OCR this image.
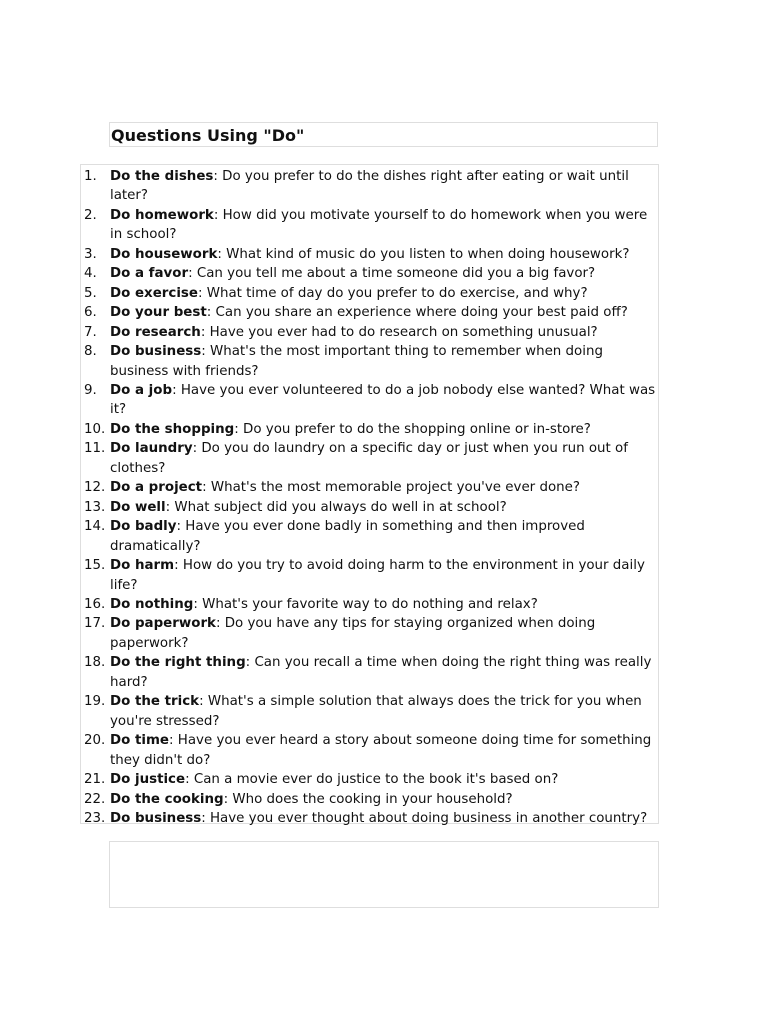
Questions Using "Do"
1. Do the dishes: Do you prefer to do the dishes right after eating or wait until later?
2. Do homework: How did you motivate yourself to do homework when you were in school?
3. Do housework: What kind of music do you listen to when doing housework?
4. Do a favor: Can you tell me about a time someone did you a big favor?
5. Do exercise: What time of day do you prefer to do exercise, and why?
6. Do your best: Can you share an experience where doing your best paid off?
7. Do research: Have you ever had to do research on something unusual?
8. Do business: What's the most important thing to remember when doing business with friends?
9. Do a job: Have you ever volunteered to do a job nobody else wanted? What was it?
10. Do the shopping: Do you prefer to do the shopping online or in-store?
11. Do laundry: Do you do laundry on a specific day or just when you run out of clothes?
12. Do a project: What's the most memorable project you've ever done?
13. Do well: What subject did you always do well in at school?
14. Do badly: Have you ever done badly in something and then improved dramatically?
15. Do harm: How do you try to avoid doing harm to the environment in your daily life?
16. Do nothing: What's your favorite way to do nothing and relax?
17. Do paperwork: Do you have any tips for staying organized when doing paperwork?
18. Do the right thing: Can you recall a time when doing the right thing was really hard?
19. Do the trick: What's a simple solution that always does the trick for you when you're stressed?
20. Do time: Have you ever heard a story about someone doing time for something they didn't do?
21. Do justice: Can a movie ever do justice to the book it's based on?
22. Do the cooking: Who does the cooking in your household?
23. Do business: Have you ever thought about doing business in another country?
